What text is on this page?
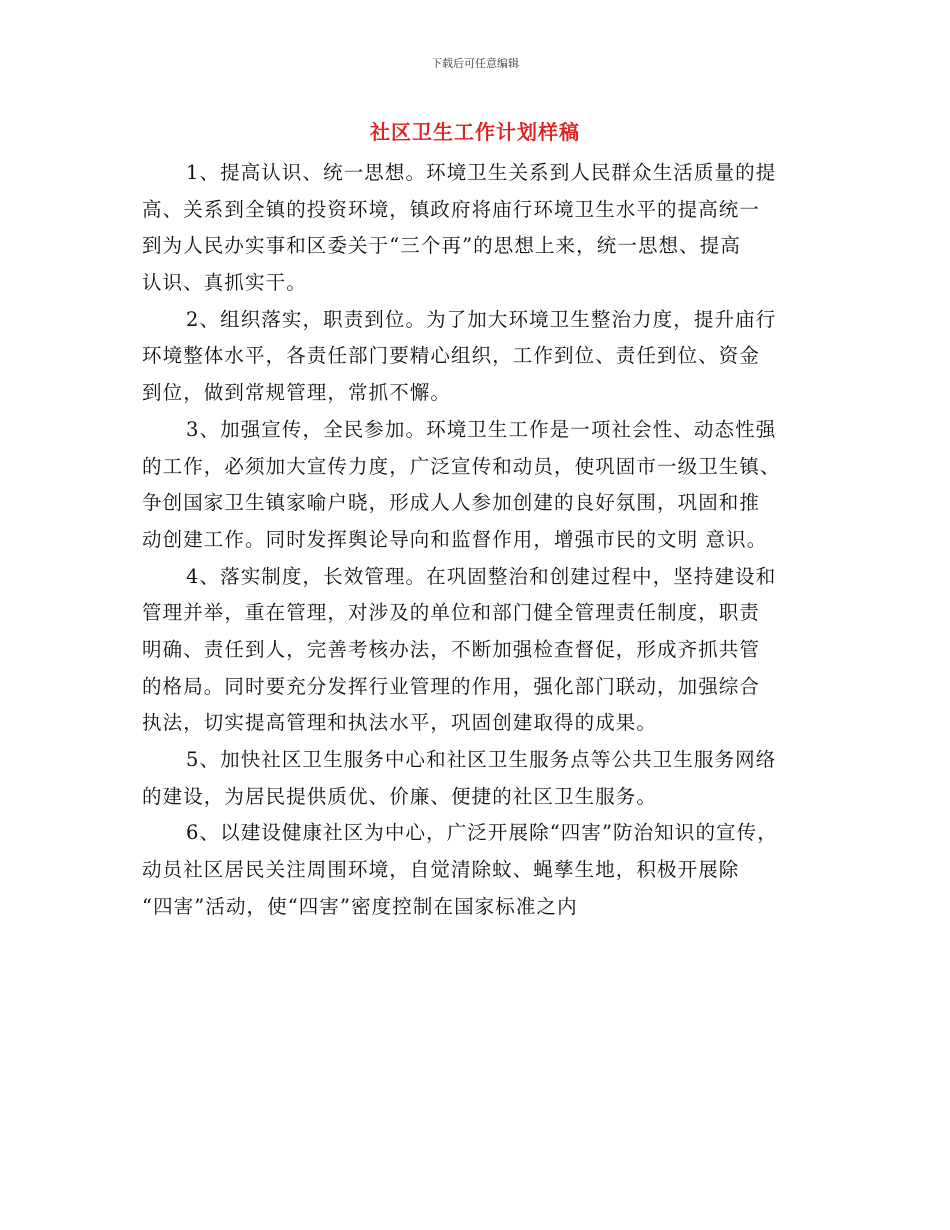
下载后可任意编辑
社区卫生工作计划样稿
1、提高认识、统一思想。环境卫生关系到人民群众生活质量的提
高、关系到全镇的投资环境，镇政府将庙行环境卫生水平的提高统一
到为人民办实事和区委关于“三个再”的思想上来，统一思想、提高
认识、真抓实干。
2、组织落实，职责到位。为了加大环境卫生整治力度，提升庙行
环境整体水平，各责任部门要精心组织，工作到位、责任到位、资金
到位，做到常规管理，常抓不懈。
3、加强宣传，全民参加。环境卫生工作是一项社会性、动态性强
的工作，必须加大宣传力度，广泛宣传和动员，使巩固市一级卫生镇、
争创国家卫生镇家喻户晓，形成人人参加创建的良好氛围，巩固和推
动创建工作。同时发挥舆论导向和监督作用，增强市民的文明 意识。
4、落实制度，长效管理。在巩固整治和创建过程中，坚持建设和
管理并举，重在管理，对涉及的单位和部门健全管理责任制度，职责
明确、责任到人，完善考核办法，不断加强检查督促，形成齐抓共管
的格局。同时要充分发挥行业管理的作用，强化部门联动，加强综合
执法，切实提高管理和执法水平，巩固创建取得的成果。
5、加快社区卫生服务中心和社区卫生服务点等公共卫生服务网络
的建设，为居民提供质优、价廉、便捷的社区卫生服务。
6、以建设健康社区为中心，广泛开展除“四害”防治知识的宣传，
动员社区居民关注周围环境，自觉清除蚊、蝇孳生地，积极开展除
“四害”活动，使“四害”密度控制在国家标准之内
